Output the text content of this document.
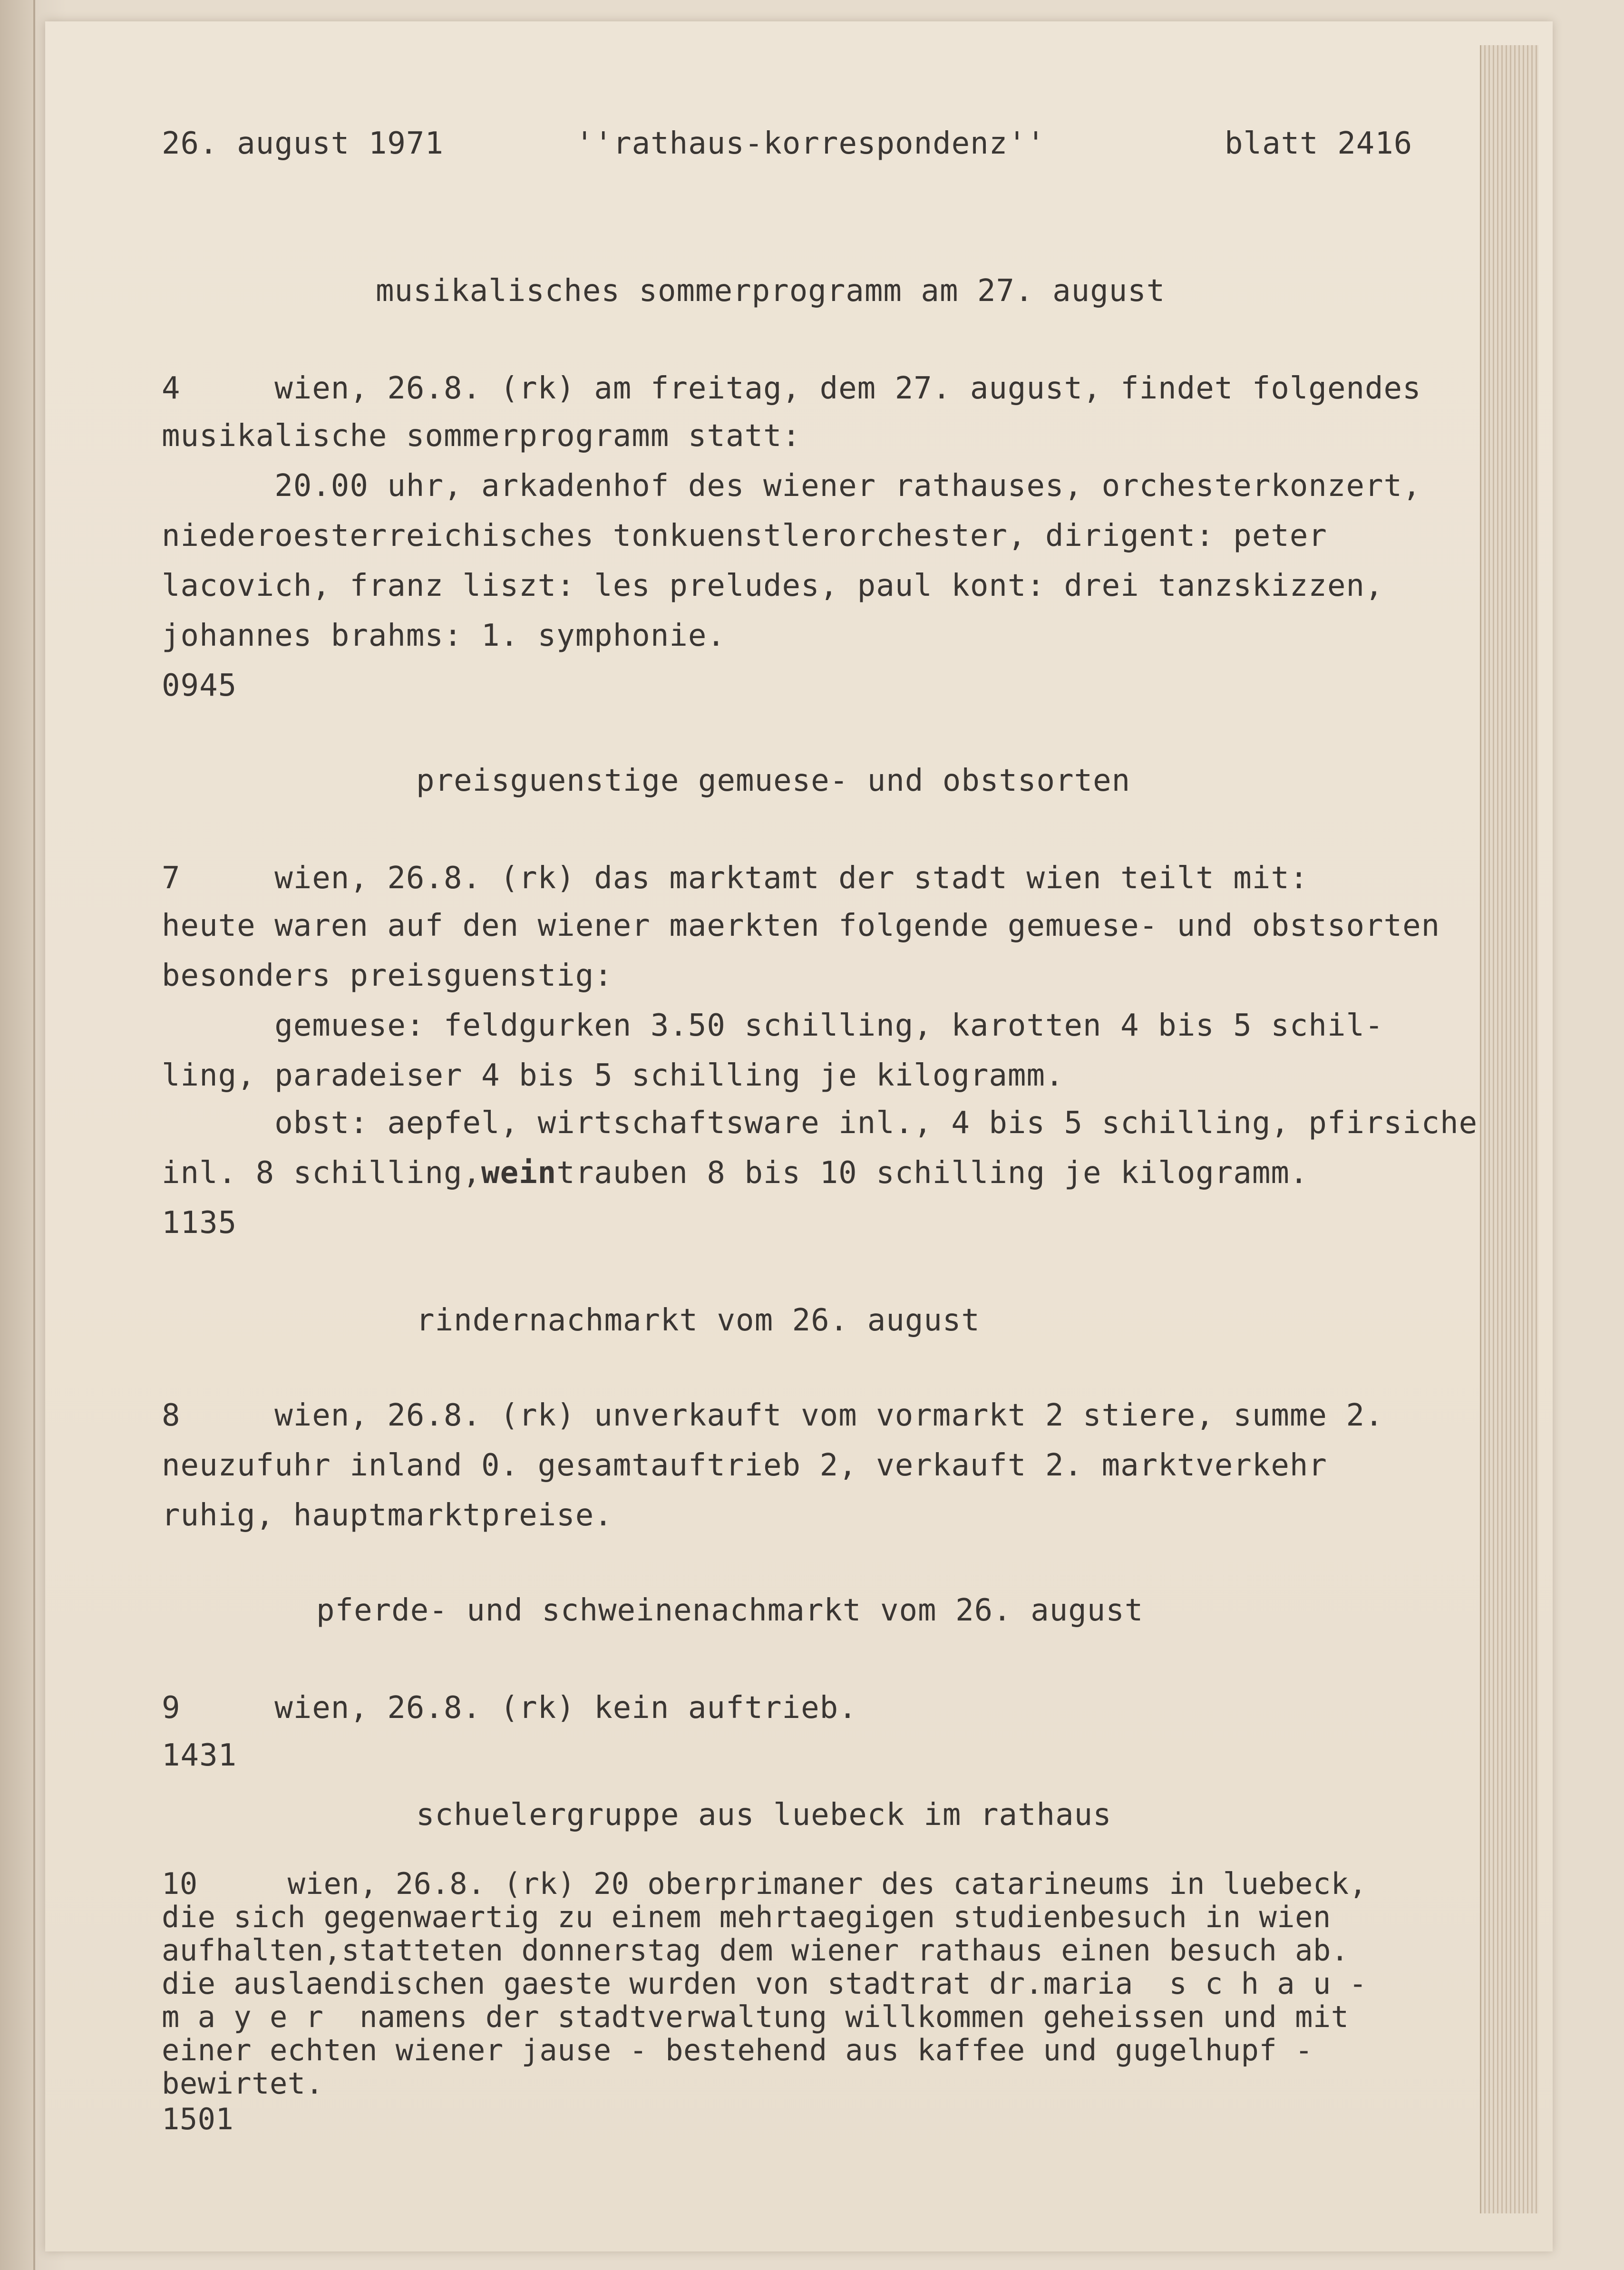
26. august 1971	''rathaus-korrespondenz''	blatt 2416
musikalisches sommerprogramm am 27. august
4     wien, 26.8. (rk) am freitag, dem 27. august, findet folgendes
musikalische sommerprogramm statt:
20.00 uhr, arkadenhof des wiener rathauses, orchesterkonzert,
niederoesterreichisches tonkuenstlerorchester, dirigent: peter
lacovich, franz liszt: les preludes, paul kont: drei tanzskizzen,
johannes brahms: 1. symphonie.
0945
preisguenstige gemuese- und obstsorten
7     wien, 26.8. (rk) das marktamt der stadt wien teilt mit:
heute waren auf den wiener maerkten folgende gemuese- und obstsorten
besonders preisguenstig:
gemuese: feldgurken 3.50 schilling, karotten 4 bis 5 schil-
ling, paradeiser 4 bis 5 schilling je kilogramm.
obst: aepfel, wirtschaftsware inl., 4 bis 5 schilling, pfirsiche
inl. 8 schilling,weintrauben 8 bis 10 schilling je kilogramm.
1135
rindernachmarkt vom 26. august
8     wien, 26.8. (rk) unverkauft vom vormarkt 2 stiere, summe 2.
neuzufuhr inland 0. gesamtauftrieb 2, verkauft 2. marktverkehr
ruhig, hauptmarktpreise.
pferde- und schweinenachmarkt vom 26. august
9     wien, 26.8. (rk) kein auftrieb.
1431
schuelergruppe aus luebeck im rathaus
10     wien, 26.8. (rk) 20 oberprimaner des catarineums in luebeck,
die sich gegenwaertig zu einem mehrtaegigen studienbesuch in wien
aufhalten,statteten donnerstag dem wiener rathaus einen besuch ab.
die auslaendischen gaeste wurden von stadtrat dr.maria  s c h a u -
m a y e r  namens der stadtverwaltung willkommen geheissen und mit
einer echten wiener jause - bestehend aus kaffee und gugelhupf -
bewirtet.
1501
